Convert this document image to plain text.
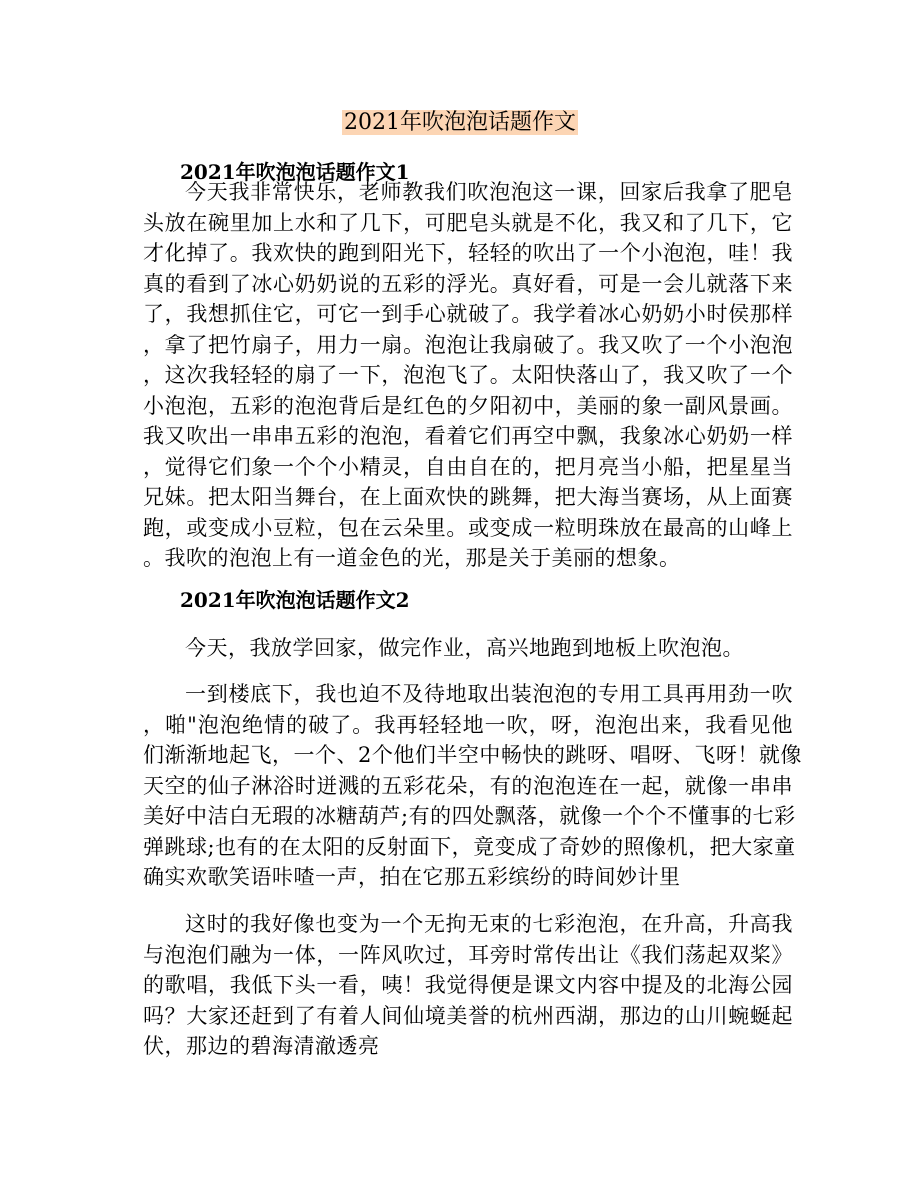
2021年吹泡泡话题作文
2021年吹泡泡话题作文1
今天我非常快乐，老师教我们吹泡泡这一课，回家后我拿了肥皂
头放在碗里加上水和了几下，可肥皂头就是不化，我又和了几下，它
才化掉了。我欢快的跑到阳光下，轻轻的吹出了一个小泡泡，哇！我
真的看到了冰心奶奶说的五彩的浮光。真好看，可是一会儿就落下来
了，我想抓住它，可它一到手心就破了。我学着冰心奶奶小时侯那样
，拿了把竹扇子，用力一扇。泡泡让我扇破了。我又吹了一个小泡泡
，这次我轻轻的扇了一下，泡泡飞了。太阳快落山了，我又吹了一个
小泡泡，五彩的泡泡背后是红色的夕阳初中，美丽的象一副风景画。
我又吹出一串串五彩的泡泡，看着它们再空中飘，我象冰心奶奶一样
，觉得它们象一个个小精灵，自由自在的，把月亮当小船，把星星当
兄妹。把太阳当舞台，在上面欢快的跳舞，把大海当赛场，从上面赛
跑，或变成小豆粒，包在云朵里。或变成一粒明珠放在最高的山峰上
。我吹的泡泡上有一道金色的光，那是关于美丽的想象。
2021年吹泡泡话题作文2
今天，我放学回家，做完作业，高兴地跑到地板上吹泡泡。
一到楼底下，我也迫不及待地取出装泡泡的专用工具再用劲一吹
，啪"泡泡绝情的破了。我再轻轻地一吹，呀，泡泡出来，我看见他
们渐渐地起飞，一个、2个他们半空中畅快的跳呀、唱呀、飞呀！就像
天空的仙子淋浴时迸溅的五彩花朵，有的泡泡连在一起，就像一串串
美好中洁白无瑕的冰糖葫芦;有的四处飘落，就像一个个不懂事的七彩
弹跳球;也有的在太阳的反射面下，竟变成了奇妙的照像机，把大家童
确实欢歌笑语咔喳一声，拍在它那五彩缤纷的時间妙计里
这时的我好像也变为一个无拘无束的七彩泡泡，在升高，升高我
与泡泡们融为一体，一阵风吹过，耳旁时常传出让《我们荡起双桨》
的歌唱，我低下头一看，咦！我觉得便是课文内容中提及的北海公园
吗？大家还赶到了有着人间仙境美誉的杭州西湖，那边的山川蜿蜒起
伏，那边的碧海清澈透亮
